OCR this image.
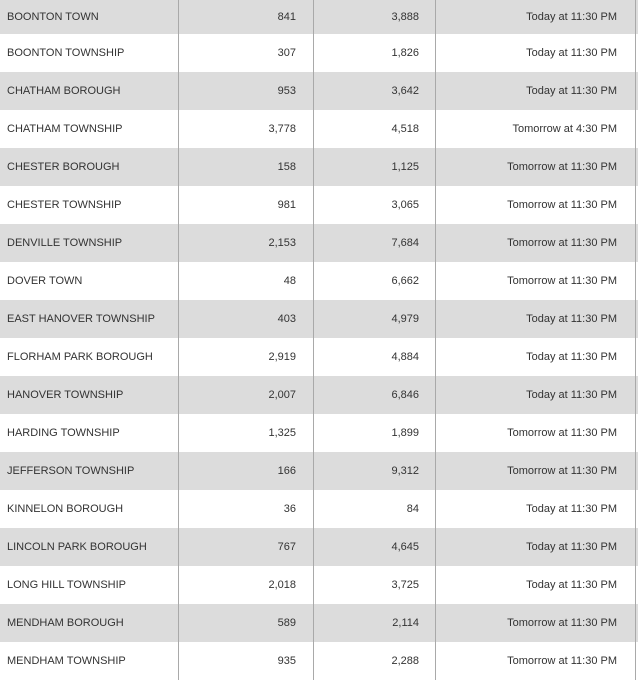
BOONTON TOWN	841	3,888	Today at 11:30 PM
BOONTON TOWNSHIP	307	1,826	Today at 11:30 PM
CHATHAM BOROUGH	953	3,642	Today at 11:30 PM
CHATHAM TOWNSHIP	3,778	4,518	Tomorrow at 4:30 PM
CHESTER BOROUGH	158	1,125	Tomorrow at 11:30 PM
CHESTER TOWNSHIP	981	3,065	Tomorrow at 11:30 PM
DENVILLE TOWNSHIP	2,153	7,684	Tomorrow at 11:30 PM
DOVER TOWN	48	6,662	Tomorrow at 11:30 PM
EAST HANOVER TOWNSHIP	403	4,979	Today at 11:30 PM
FLORHAM PARK BOROUGH	2,919	4,884	Today at 11:30 PM
HANOVER TOWNSHIP	2,007	6,846	Today at 11:30 PM
HARDING TOWNSHIP	1,325	1,899	Tomorrow at 11:30 PM
JEFFERSON TOWNSHIP	166	9,312	Tomorrow at 11:30 PM
KINNELON BOROUGH	36	84	Today at 11:30 PM
LINCOLN PARK BOROUGH	767	4,645	Today at 11:30 PM
LONG HILL TOWNSHIP	2,018	3,725	Today at 11:30 PM
MENDHAM BOROUGH	589	2,114	Tomorrow at 11:30 PM
MENDHAM TOWNSHIP	935	2,288	Tomorrow at 11:30 PM
